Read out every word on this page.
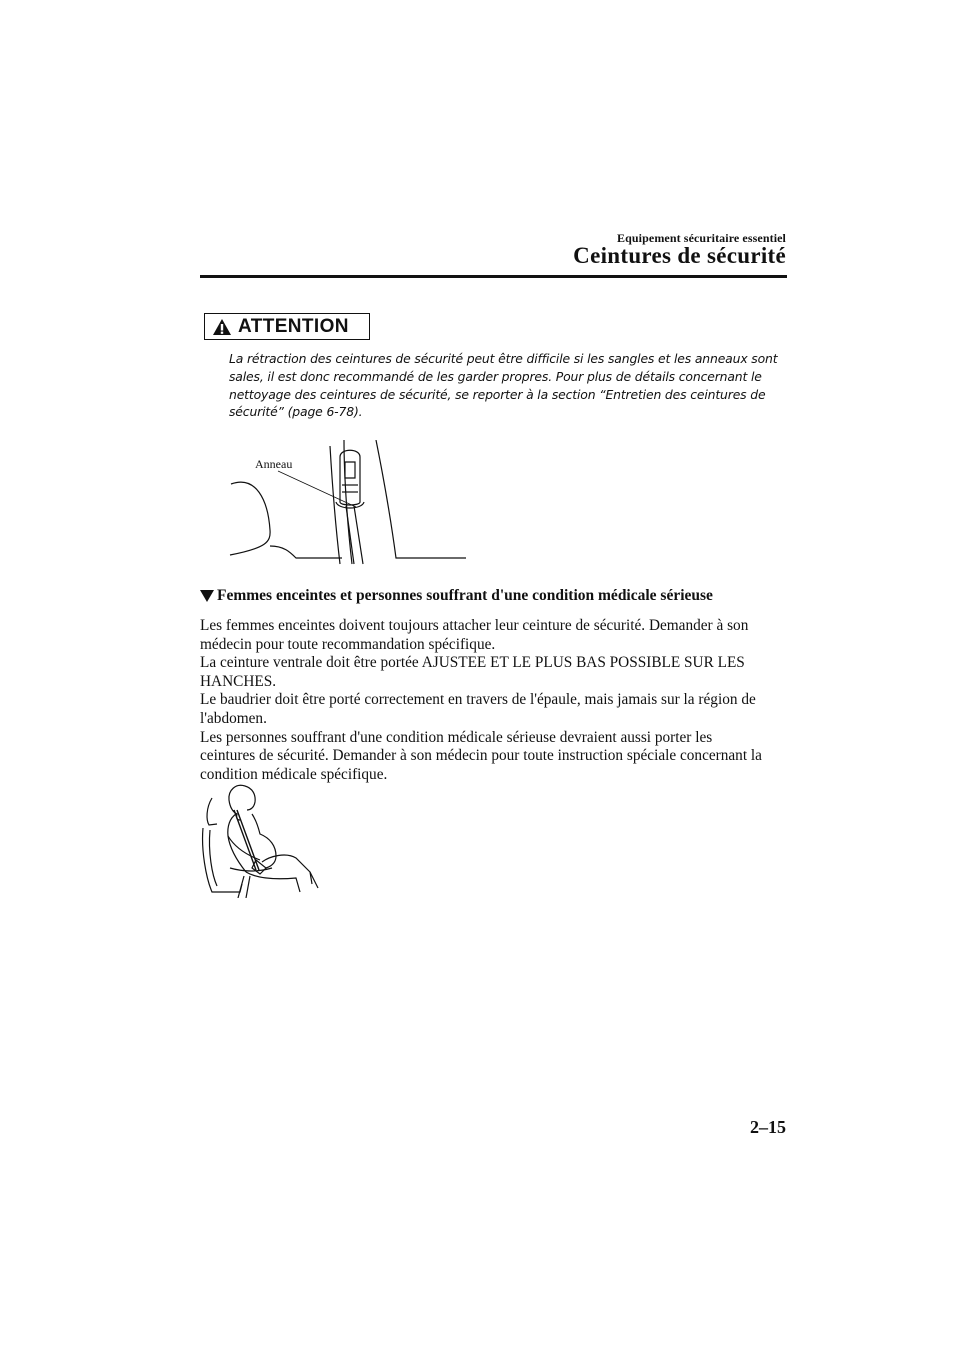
Equipement sécuritaire essentiel
Ceintures de sécurité
ATTENTION

La rétraction des ceintures de sécurité peut être difficile si les sangles et les anneaux sont

sales, il est donc recommandé de les garder propres. Pour plus de détails concernant le

nettoyage des ceintures de sécurité, se reporter à la section “Entretien des ceintures de

sécurité” (page 6-78).

Anneau
Femmes enceintes et personnes souffrant d'une condition médicale sérieuse

Les femmes enceintes doivent toujours attacher leur ceinture de sécurité. Demander à son

médecin pour toute recommandation spécifique.

La ceinture ventrale doit être portée AJUSTEE ET LE PLUS BAS POSSIBLE SUR LES

HANCHES.

Le baudrier doit être porté correctement en travers de l'épaule, mais jamais sur la région de

l'abdomen.

Les personnes souffrant d'une condition médicale sérieuse devraient aussi porter les

ceintures de sécurité. Demander à son médecin pour toute instruction spéciale concernant la

condition médicale spécifique.

2–15
